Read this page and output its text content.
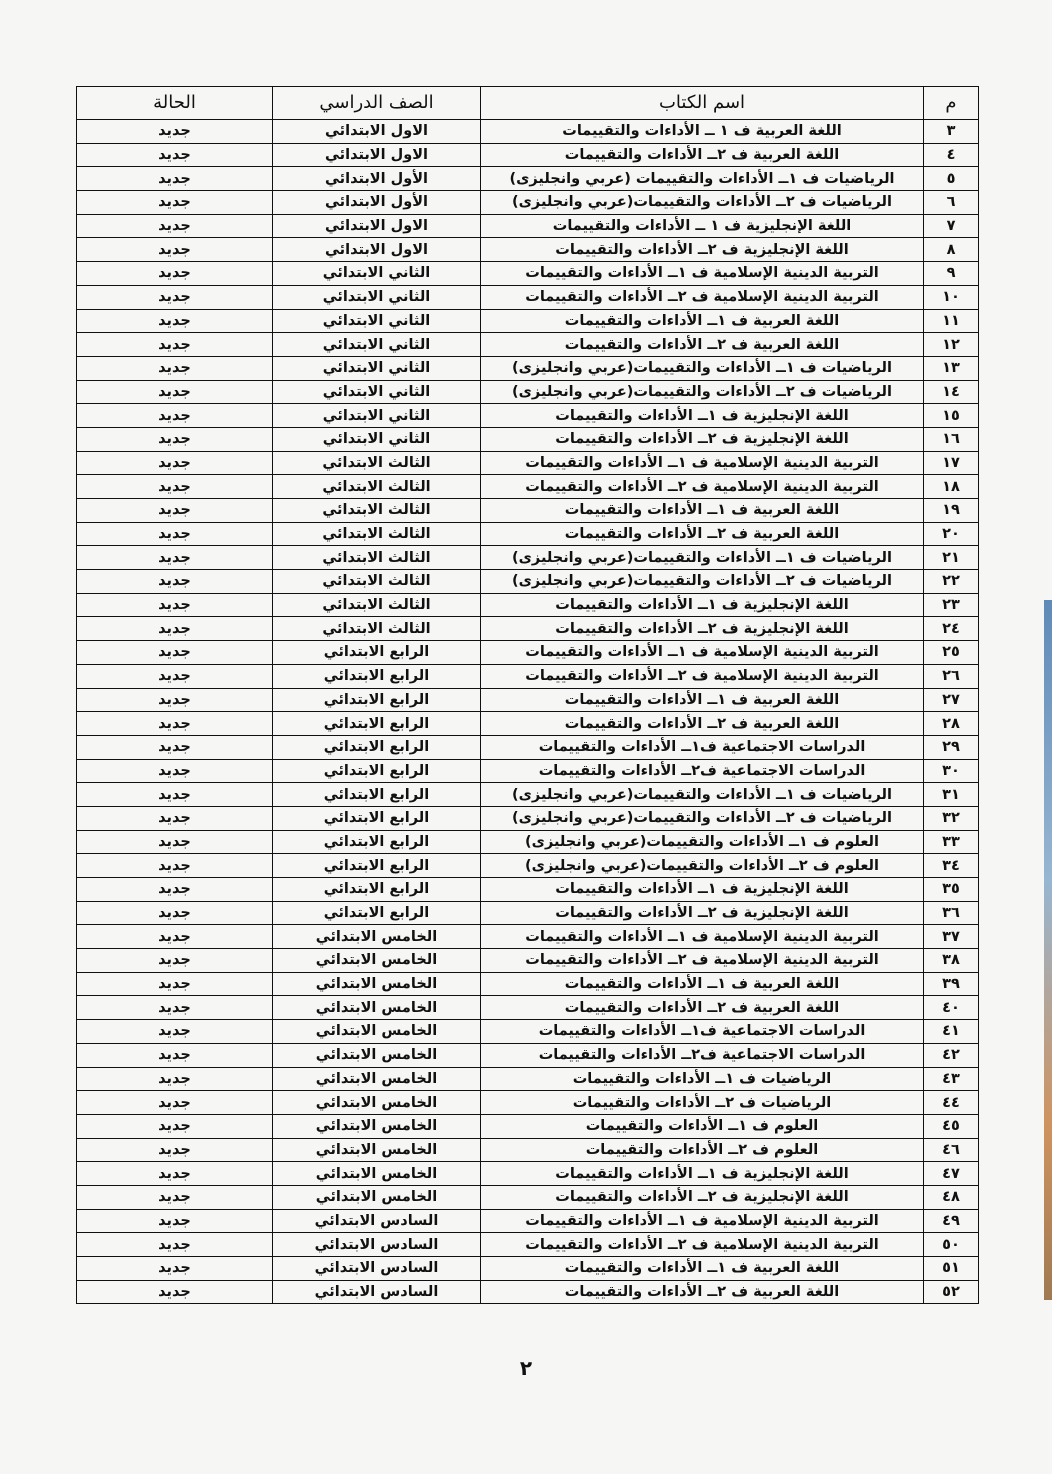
م	اسم الكتاب	الصف الدراسي	الحالة
٣	اللغة العربية ف ١ ــ الأداءات والتقييمات	الاول الابتدائي	جديد
٤	اللغة العربية ف ٢ــ الأداءات والتقييمات	الاول الابتدائي	جديد
٥	الرياضيات ف ١ــ الأداءات والتقييمات (عربي وانجليزى)	الأول الابتدائي	جديد
٦	الرياضيات ف ٢ــ الأداءات والتقييمات(عربي وانجليزى)	الأول الابتدائي	جديد
٧	اللغة الإنجليزية ف ١ ــ الأداءات والتقييمات	الاول الابتدائي	جديد
٨	اللغة الإنجليزية ف ٢ــ الأداءات والتقييمات	الاول الابتدائي	جديد
٩	التربية الدينية الإسلامية ف ١ــ الأداءات والتقييمات	الثاني الابتدائي	جديد
١٠	التربية الدينية الإسلامية ف ٢ــ الأداءات والتقييمات	الثاني الابتدائي	جديد
١١	اللغة العربية ف ١ــ الأداءات والتقييمات	الثاني الابتدائي	جديد
١٢	اللغة العربية ف ٢ــ الأداءات والتقييمات	الثاني الابتدائي	جديد
١٣	الرياضيات ف ١ــ الأداءات والتقييمات(عربي وانجليزى)	الثاني الابتدائي	جديد
١٤	الرياضيات ف ٢ــ الأداءات والتقييمات(عربي وانجليزى)	الثاني الابتدائي	جديد
١٥	اللغة الإنجليزية ف ١ــ الأداءات والتقييمات	الثاني الابتدائي	جديد
١٦	اللغة الإنجليزية ف ٢ــ الأداءات والتقييمات	الثاني الابتدائي	جديد
١٧	التربية الدينية الإسلامية ف ١ــ الأداءات والتقييمات	الثالث الابتدائي	جديد
١٨	التربية الدينية الإسلامية ف ٢ــ الأداءات والتقييمات	الثالث الابتدائي	جديد
١٩	اللغة العربية ف ١ــ الأداءات والتقييمات	الثالث الابتدائي	جديد
٢٠	اللغة العربية ف ٢ــ الأداءات والتقييمات	الثالث الابتدائي	جديد
٢١	الرياضيات ف ١ــ الأداءات والتقييمات(عربي وانجليزى)	الثالث الابتدائي	جديد
٢٢	الرياضيات ف ٢ــ الأداءات والتقييمات(عربي وانجليزى)	الثالث الابتدائي	جديد
٢٣	اللغة الإنجليزية ف ١ــ الأداءات والتقييمات	الثالث الابتدائي	جديد
٢٤	اللغة الإنجليزية ف ٢ــ الأداءات والتقييمات	الثالث الابتدائي	جديد
٢٥	التربية الدينية الإسلامية ف ١ــ الأداءات والتقييمات	الرابع الابتدائي	جديد
٢٦	التربية الدينية الإسلامية ف ٢ــ الأداءات والتقييمات	الرابع الابتدائي	جديد
٢٧	اللغة العربية ف ١ــ الأداءات والتقييمات	الرابع الابتدائي	جديد
٢٨	اللغة العربية ف ٢ــ الأداءات والتقييمات	الرابع الابتدائي	جديد
٢٩	الدراسات الاجتماعية ف١ــ الأداءات والتقييمات	الرابع الابتدائي	جديد
٣٠	الدراسات الاجتماعية ف٢ــ الأداءات والتقييمات	الرابع الابتدائي	جديد
٣١	الرياضيات ف ١ــ الأداءات والتقييمات(عربي وانجليزى)	الرابع الابتدائي	جديد
٣٢	الرياضيات ف ٢ــ الأداءات والتقييمات(عربي وانجليزى)	الرابع الابتدائي	جديد
٣٣	العلوم ف ١ــ الأداءات والتقييمات(عربي وانجليزى)	الرابع الابتدائي	جديد
٣٤	العلوم ف ٢ــ الأداءات والتقييمات(عربي وانجليزى)	الرابع الابتدائي	جديد
٣٥	اللغة الإنجليزية ف ١ــ الأداءات والتقييمات	الرابع الابتدائي	جديد
٣٦	اللغة الإنجليزية ف ٢ــ الأداءات والتقييمات	الرابع الابتدائي	جديد
٣٧	التربية الدينية الإسلامية ف ١ــ الأداءات والتقييمات	الخامس الابتدائي	جديد
٣٨	التربية الدينية الإسلامية ف ٢ــ الأداءات والتقييمات	الخامس الابتدائي	جديد
٣٩	اللغة العربية ف ١ــ الأداءات والتقييمات	الخامس الابتدائي	جديد
٤٠	اللغة العربية ف ٢ــ الأداءات والتقييمات	الخامس الابتدائي	جديد
٤١	الدراسات الاجتماعية ف١ــ الأداءات والتقييمات	الخامس الابتدائي	جديد
٤٢	الدراسات الاجتماعية ف٢ــ الأداءات والتقييمات	الخامس الابتدائي	جديد
٤٣	الرياضيات ف ١ــ الأداءات والتقييمات	الخامس الابتدائي	جديد
٤٤	الرياضيات ف ٢ــ الأداءات والتقييمات	الخامس الابتدائي	جديد
٤٥	العلوم ف ١ــ الأداءات والتقييمات	الخامس الابتدائي	جديد
٤٦	العلوم ف ٢ــ الأداءات والتقييمات	الخامس الابتدائي	جديد
٤٧	اللغة الإنجليزية ف ١ــ الأداءات والتقييمات	الخامس الابتدائي	جديد
٤٨	اللغة الإنجليزية ف ٢ــ الأداءات والتقييمات	الخامس الابتدائي	جديد
٤٩	التربية الدينية الإسلامية ف ١ــ الأداءات والتقييمات	السادس الابتدائي	جديد
٥٠	التربية الدينية الإسلامية ف ٢ــ الأداءات والتقييمات	السادس الابتدائي	جديد
٥١	اللغة العربية ف ١ــ الأداءات والتقييمات	السادس الابتدائي	جديد
٥٢	اللغة العربية ف ٢ــ الأداءات والتقييمات	السادس الابتدائي	جديد
٢
